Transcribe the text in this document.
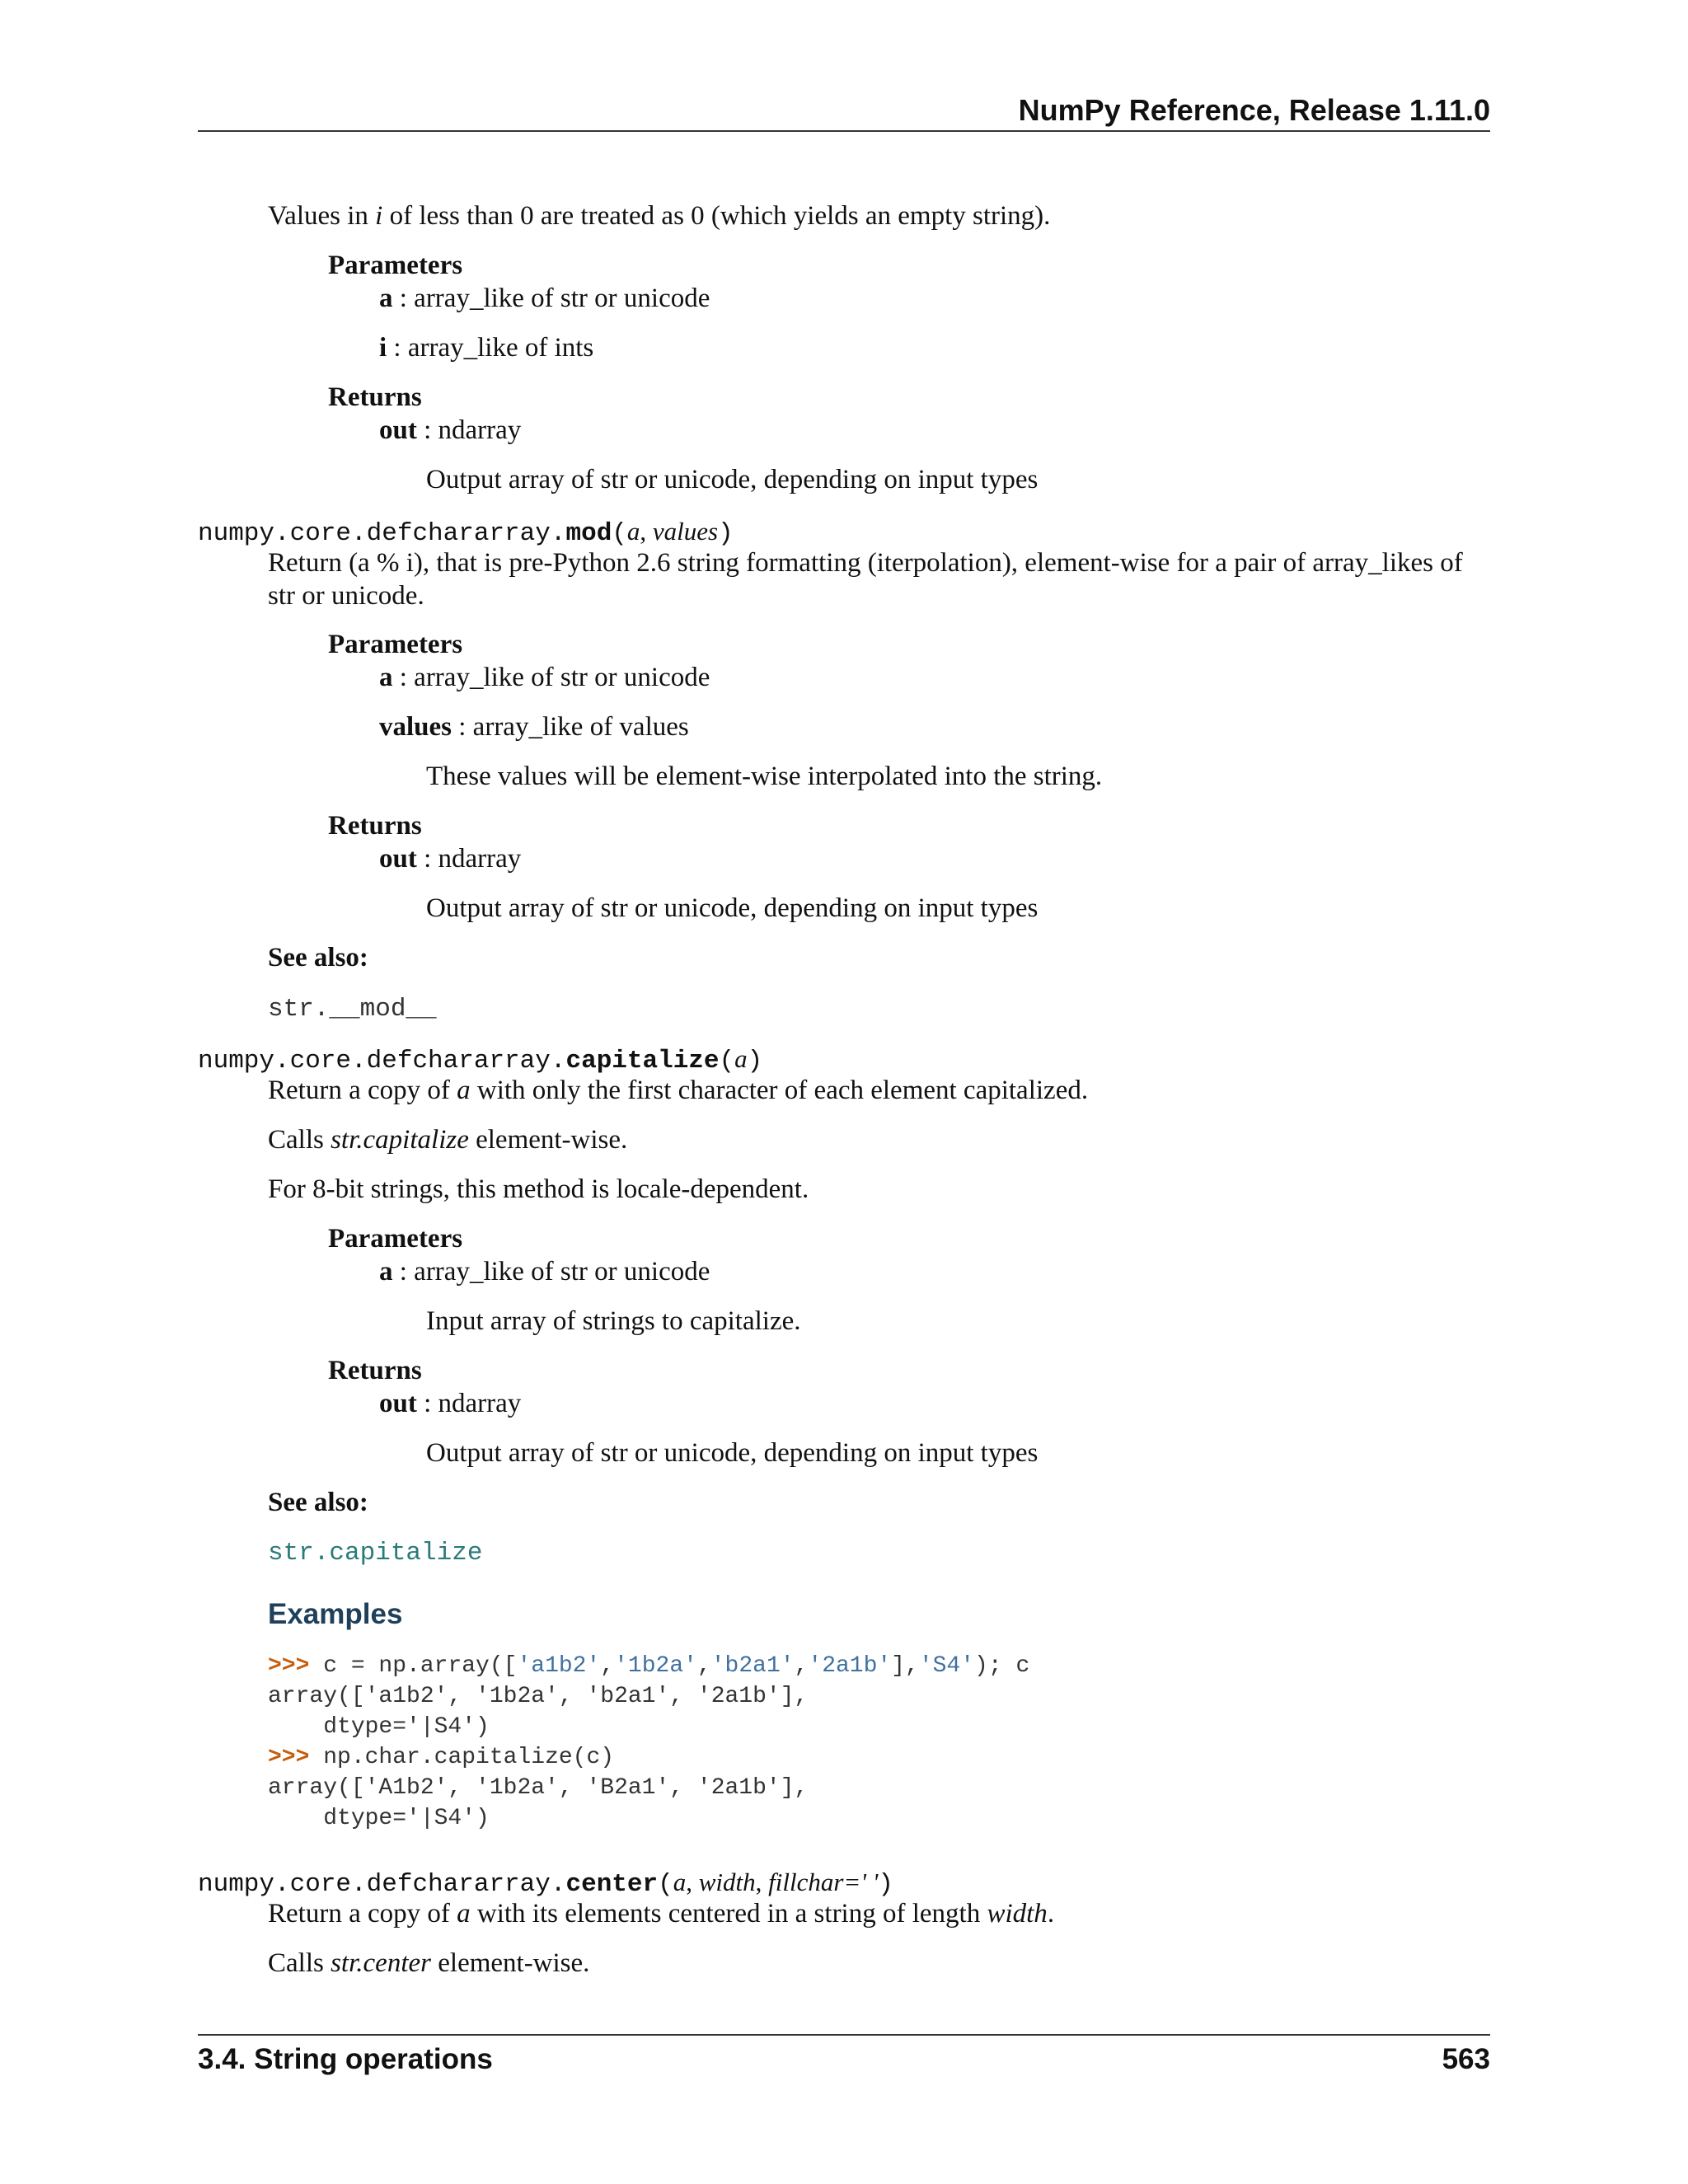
NumPy Reference, Release 1.11.0
Values in i of less than 0 are treated as 0 (which yields an empty string).
Parameters
a : array_like of str or unicode
i : array_like of ints
Returns
out : ndarray
Output array of str or unicode, depending on input types
numpy.core.defchararray.mod(a, values)
Return (a % i), that is pre-Python 2.6 string formatting (iterpolation), element-wise for a pair of array_likes of str or unicode.
Parameters
a : array_like of str or unicode
values : array_like of values
These values will be element-wise interpolated into the string.
Returns
out : ndarray
Output array of str or unicode, depending on input types
See also:
str.__mod__
numpy.core.defchararray.capitalize(a)
Return a copy of a with only the first character of each element capitalized.
Calls str.capitalize element-wise.
For 8-bit strings, this method is locale-dependent.
Parameters
a : array_like of str or unicode
Input array of strings to capitalize.
Returns
out : ndarray
Output array of str or unicode, depending on input types
See also:
str.capitalize
Examples
>>> c = np.array(['a1b2','1b2a','b2a1','2a1b'],'S4'); c
array(['a1b2', '1b2a', 'b2a1', '2a1b'],
dtype='|S4')
>>> np.char.capitalize(c)
array(['A1b2', '1b2a', 'B2a1', '2a1b'],
dtype='|S4')
numpy.core.defchararray.center(a, width, fillchar=' ')
Return a copy of a with its elements centered in a string of length width.
Calls str.center element-wise.
3.4. String operations	563
